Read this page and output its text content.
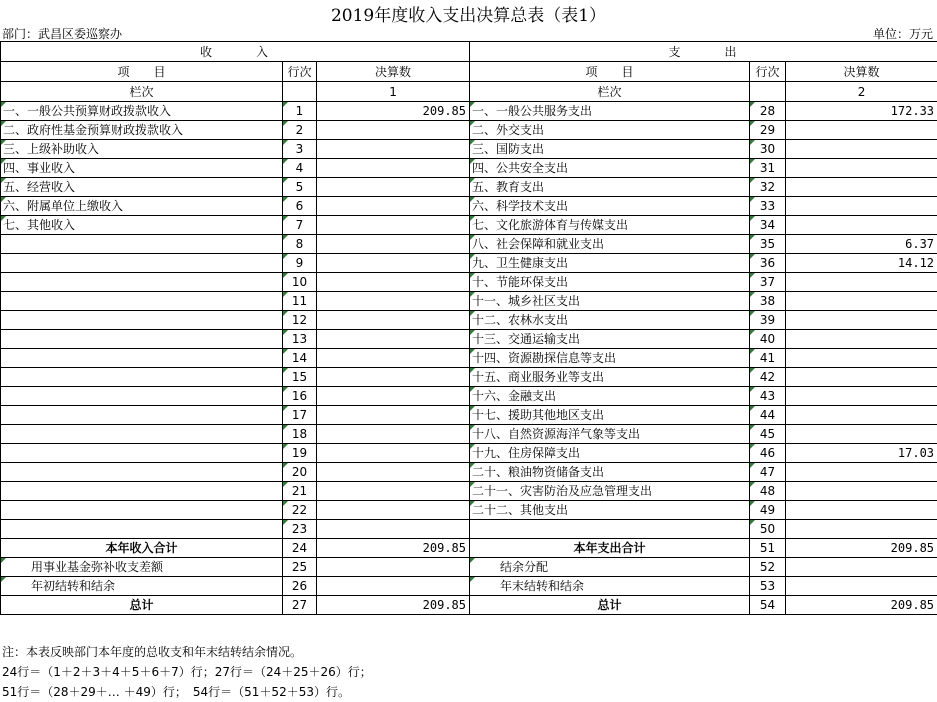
2019年度收入支出决算总表（表1）
部门：武昌区委巡察办	单位：万元
收　　　入			支　　　出		
项　　目	行次	决算数	项　　目	行次	决算数
栏次		1	栏次		2
一、一般公共预算财政拨款收入	1	209.85	一、一般公共服务支出	28	172.33
二、政府性基金预算财政拨款收入	2		二、外交支出	29	
三、上级补助收入	3		三、国防支出	30	
四、事业收入	4		四、公共安全支出	31	
五、经营收入	5		五、教育支出	32	
六、附属单位上缴收入	6		六、科学技术支出	33	
七、其他收入	7		七、文化旅游体育与传媒支出	34	
	8		八、社会保障和就业支出	35	6.37
	9		九、卫生健康支出	36	14.12
	10		十、节能环保支出	37	
	11		十一、城乡社区支出	38	
	12		十二、农林水支出	39	
	13		十三、交通运输支出	40	
	14		十四、资源勘探信息等支出	41	
	15		十五、商业服务业等支出	42	
	16		十六、金融支出	43	
	17		十七、援助其他地区支出	44	
	18		十八、自然资源海洋气象等支出	45	
	19		十九、住房保障支出	46	17.03
	20		二十、粮油物资储备支出	47	
	21		二十一、灾害防治及应急管理支出	48	
	22		二十二、其他支出	49	
	23			50	
本年收入合计	24	209.85	本年支出合计	51	209.85
用事业基金弥补收支差额	25		结余分配	52	
年初结转和结余	26		年末结转和结余	53	
总计	27	209.85	总计	54	209.85
注：本表反映部门本年度的总收支和年末结转结余情况。
24行＝（1＋2＋3＋4＋5＋6＋7）行；27行＝（24＋25＋26）行；
51行＝（28＋29＋… ＋49）行；　54行＝（51＋52＋53）行。
